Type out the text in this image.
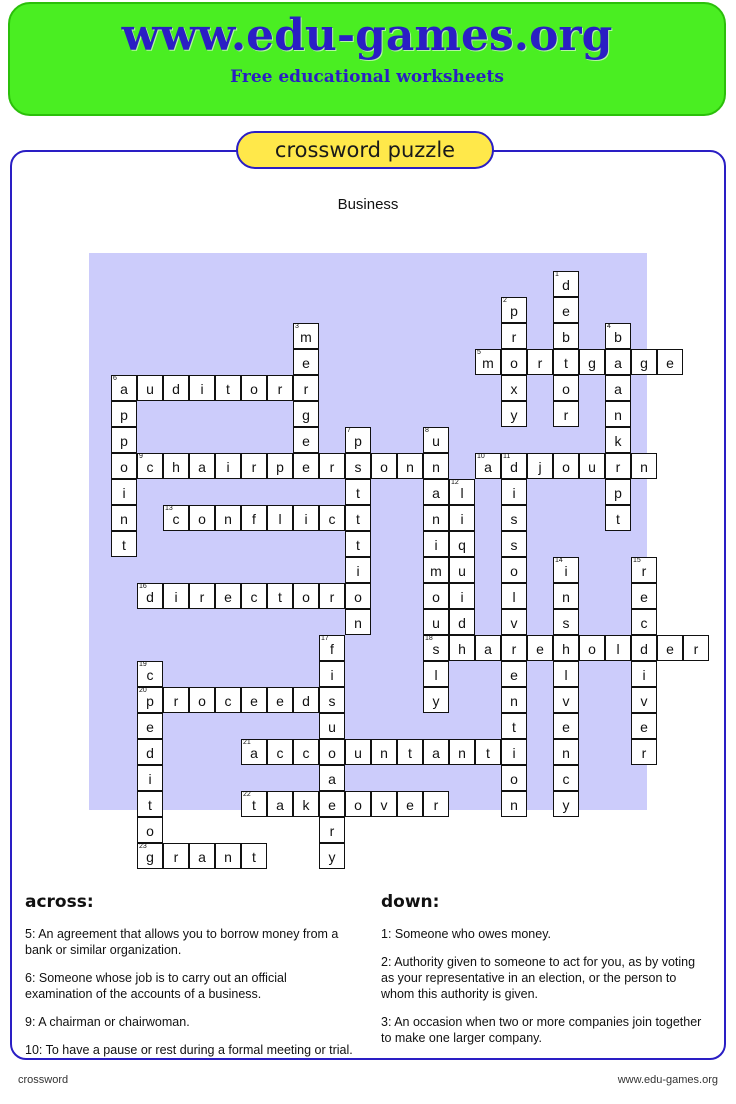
www.edu-games.org
Free educational worksheets
crossword puzzle
Business
1
d
2
p	e
3
m	r	b
4
b
5
m	o	r	t	g	a	g	e
e
6
a	u	d	i	t	o	r	r	x	o	a
p	g	y	r	n
p	e
7
p
8
u	k
o
9
c	h	a	i	r	p	e	r	s	o	n	n
10
a
11
d	j	o	u	r	n
i	t	a
12
l	i	p
n
13
c	o	n	f	l	i	c	t	n	i	s	t
t	t	i	q	s
i	m	u	o
14
i
15
r
16
d	i	r	e	c	t	o	r	o	o	i	l	n	e
n	u	d	v	s	c
17
f
18
s	h	a	r	e	h	o	l	d	e	r
19
c	i	l	e	l	i
20
p	r	o	c	e	e	d	s	y	n	v	v
e	u	t	e	e
d
21
a	c	c	o	u	n	t	a	n	t	i	n	r
i	a	o	c
t
22
t	a	k	e	o	v	e	r	n	y
o	r
23
g	r	a	n	t	y
across:
5: An agreement that allows you to borrow money from a bank or similar organization.
6: Someone whose job is to carry out an official examination of the accounts of a business.
9: A chairman or chairwoman.
10: To have a pause or rest during a formal meeting or trial.
down:
1: Someone who owes money.
2: Authority given to someone to act for you, as by voting as your representative in an election, or the person to whom this authority is given.
3: An occasion when two or more companies join together to make one larger company.
crossword	www.edu-games.org
